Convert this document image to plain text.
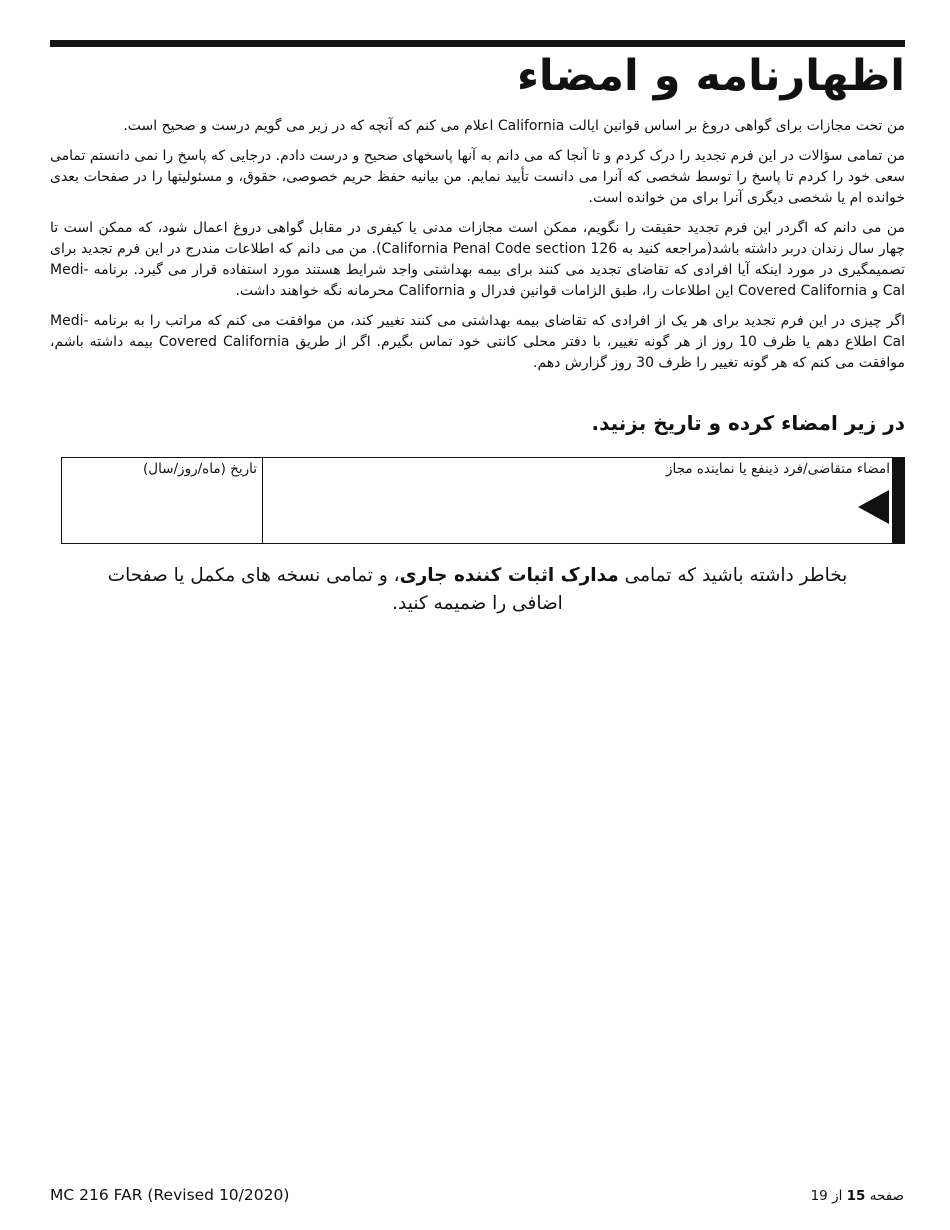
اظهارنامه و امضاء

من تحت مجازات برای گواهی دروغ بر اساس قوانین ایالت California اعلام می کنم که آنچه که در زیر می گویم درست و صحیح است.

من تمامی سؤالات در این فرم تجدید را درک کردم و تا آنجا که می دانم به آنها پاسخهای صحیح و درست دادم. درجایی که پاسخ را نمی دانستم تمامی سعی خود را کردم تا پاسخ را توسط شخصی که آنرا می دانست تأیید نمایم. من بیانیه حفظ حریم خصوصی، حقوق، و مسئولیتها را در صفحات بعدی خوانده ام یا شخصی دیگری آنرا برای من خوانده است.

من می دانم که اگردر این فرم تجدید حقیقت را نگویم، ممکن است مجازات مدنی یا کیفری در مقابل گواهی دروغ اعمال شود، که ممکن است تا چهار سال زندان دربر داشته باشد(مراجعه کنید به California Penal Code section 126). من می دانم که اطلاعات مندرج در این فرم تجدید برای تصمیمگیری در مورد اینکه آیا افرادی که تقاضای تجدید می کنند برای بیمه بهداشتی واجد شرایط هستند مورد استفاده قرار می گیرد. برنامه Medi-Cal و Covered California این اطلاعات را، طبق الزامات قوانین فدرال و California محرمانه نگه خواهند داشت.

اگر چیزی در این فرم تجدید برای هر یک از افرادی که تقاضای بیمه بهداشتی می کنند تغییر کند، من موافقت می کنم که مراتب را به برنامه Medi-Cal اطلاع دهم یا ظرف 10 روز از هر گونه تغییر، با دفتر محلی کانتی خود تماس بگیرم. اگر از طریق Covered California بیمه داشته باشم، موافقت می کنم که هر گونه تغییر را ظرف 30 روز گزارش دهم.

در زیر امضاء کرده و تاریخ بزنید.
امضاء متقاضی/فرد ذینفع یا نماینده مجاز
تاریخ (ماه/روز/سال)

بخاطر داشته باشید که تمامی مدارک اثبات کننده جاری، و تمامی نسخه های مکمل یا صفحات اضافی را ضمیمه کنید.

MC 216 FAR (Revised 10/2020)	صفحه 15 از 19
